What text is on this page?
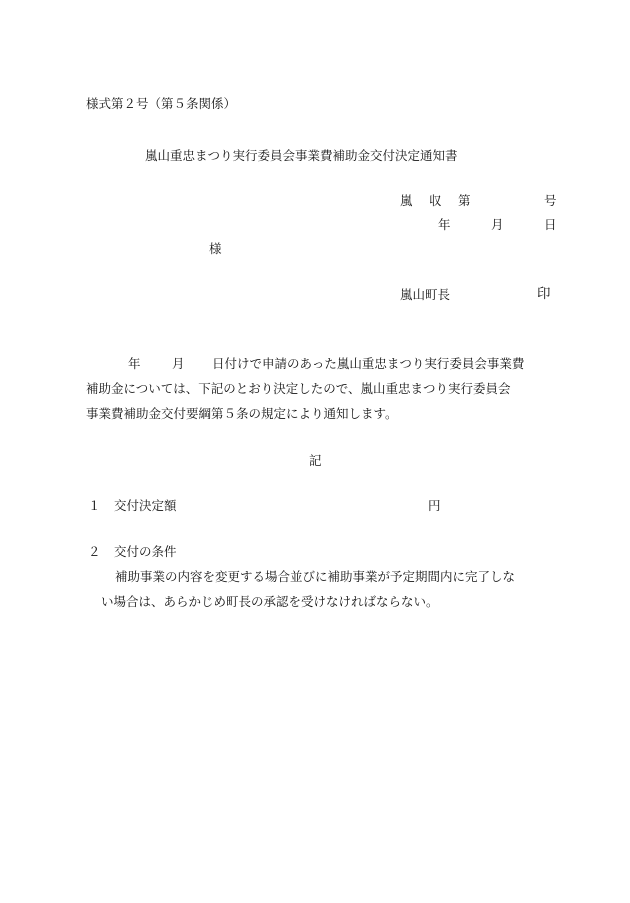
様式第２号（第５条関係）
嵐山重忠まつり実行委員会事業費補助金交付決定通知書
嵐 収 第	号
年	月	日
様
嵐山町長	印
年	月 日付けで申請のあった嵐山重忠まつり実行委員会事業費
補助金については、下記のとおり決定したので、嵐山重忠まつり実行委員会
事業費補助金交付要綱第５条の規定により通知します。
記
１ 交付決定額	円
２ 交付の条件
補助事業の内容を変更する場合並びに補助事業が予定期間内に完了しな
い場合は、あらかじめ町長の承認を受けなければならない。
